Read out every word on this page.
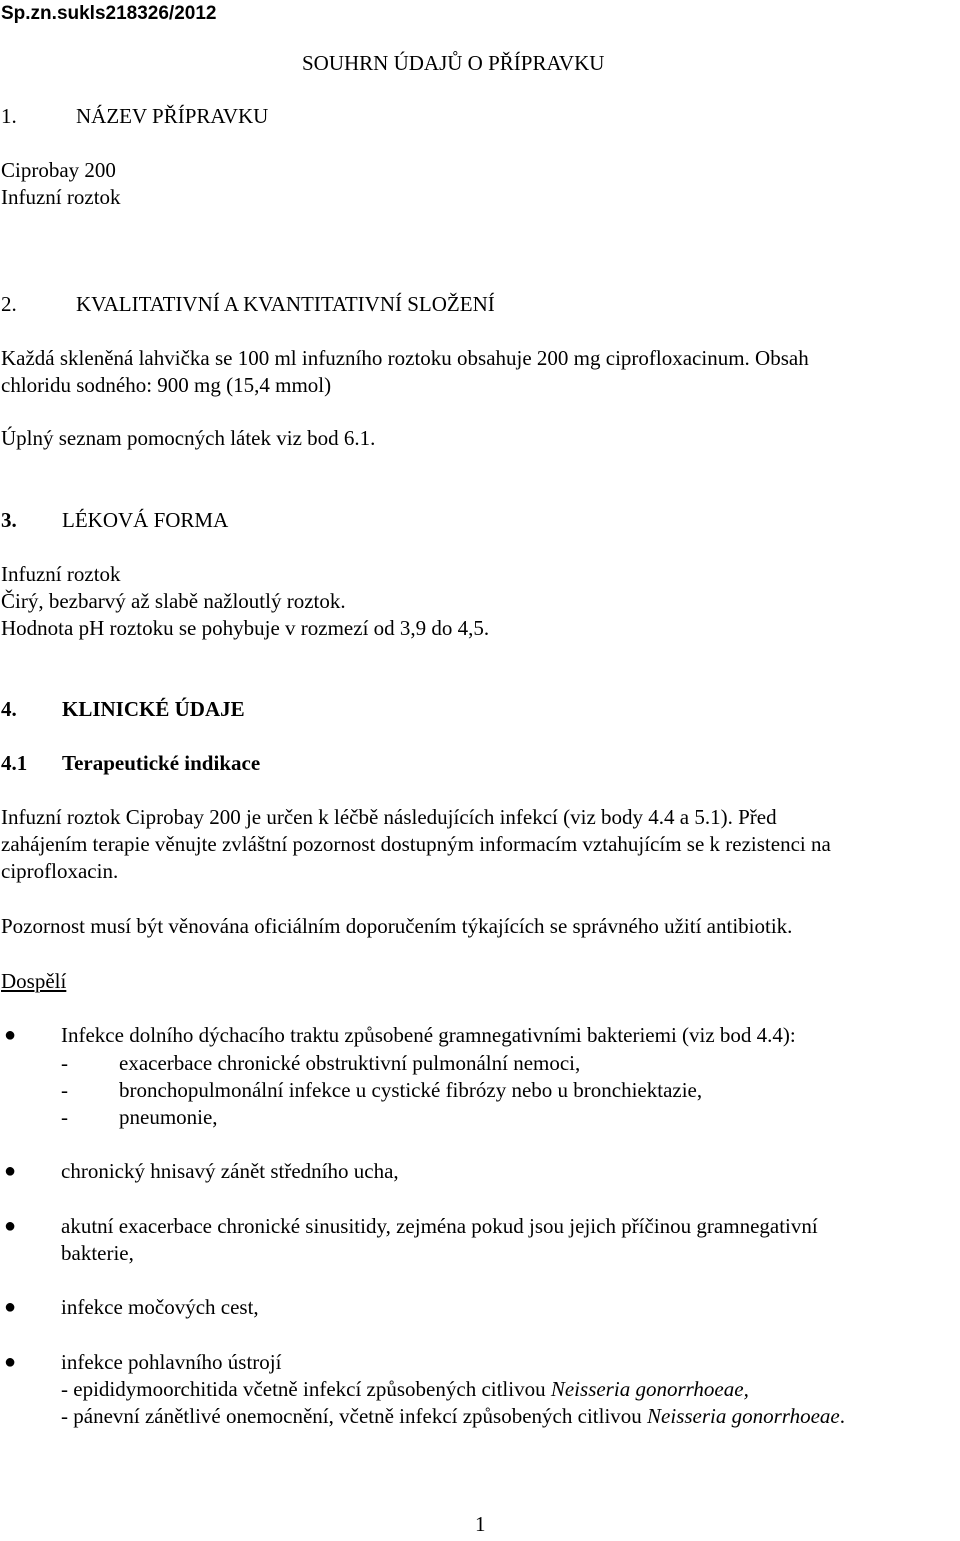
Sp.zn.sukls218326/2012
SOUHRN ÚDAJŮ O PŘÍPRAVKU
1.	NÁZEV PŘÍPRAVKU
Ciprobay 200
Infuzní roztok
2.	KVALITATIVNÍ A KVANTITATIVNÍ SLOŽENÍ
Každá skleněná lahvička se 100 ml infuzního roztoku obsahuje 200 mg ciprofloxacinum. Obsah
chloridu sodného: 900 mg (15,4 mmol)
Úplný seznam pomocných látek viz bod 6.1.
3. LÉKOVÁ FORMA
Infuzní roztok
Čirý, bezbarvý až slabě nažloutlý roztok.
Hodnota pH roztoku se pohybuje v rozmezí od 3,9 do 4,5.
4. KLINICKÉ ÚDAJE
4.1 Terapeutické indikace
Infuzní roztok Ciprobay 200 je určen k léčbě následujících infekcí (viz body 4.4 a 5.1). Před
zahájením terapie věnujte zvláštní pozornost dostupným informacím vztahujícím se k rezistenci na
ciprofloxacin.
Pozornost musí být věnována oficiálním doporučením týkajících se správného užití antibiotik.
Dospělí
● Infekce dolního dýchacího traktu způsobené gramnegativními bakteriemi (viz bod 4.4):
- exacerbace chronické obstruktivní pulmonální nemoci,
- bronchopulmonální infekce u cystické fibrózy nebo u bronchiektazie,
- pneumonie,
● chronický hnisavý zánět středního ucha,
● akutní exacerbace chronické sinusitidy, zejména pokud jsou jejich příčinou gramnegativní
bakterie,
● infekce močových cest,
● infekce pohlavního ústrojí
- epididymoorchitida včetně infekcí způsobených citlivou Neisseria gonorrhoeae,
- pánevní zánětlivé onemocnění, včetně infekcí způsobených citlivou Neisseria gonorrhoeae.
1
